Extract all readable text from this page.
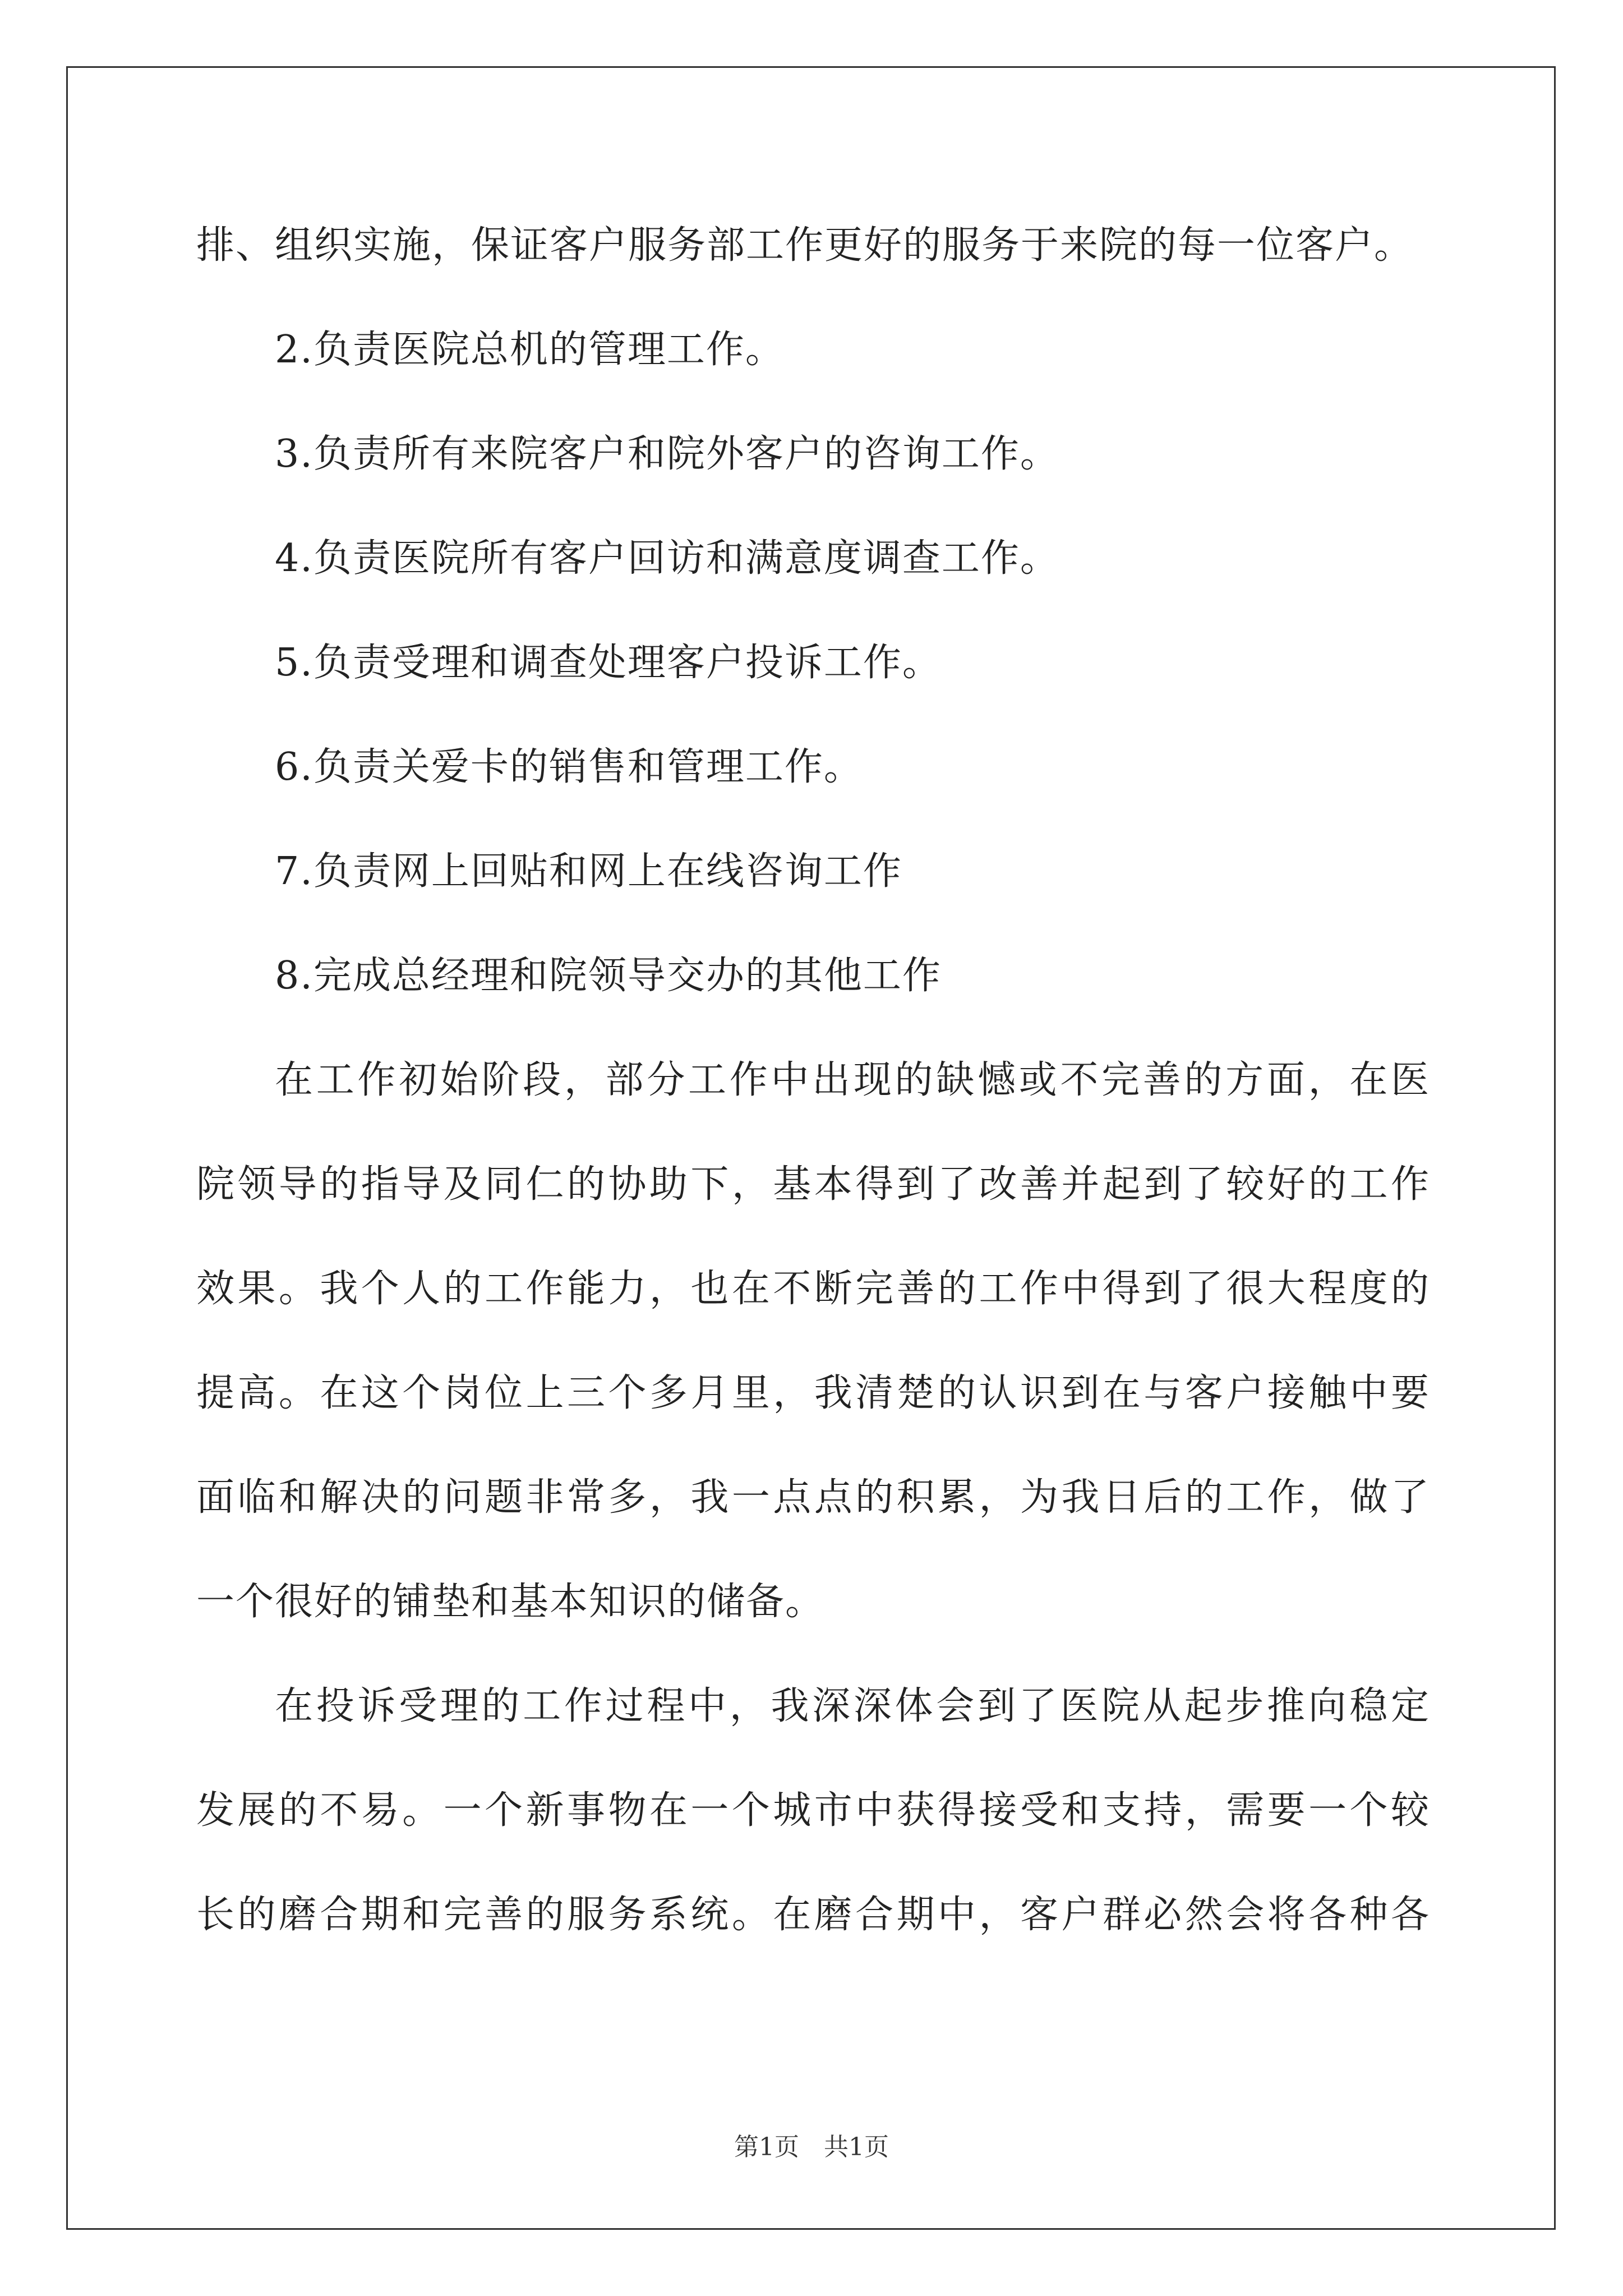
排、组织实施，保证客户服务部工作更好的服务于来院的每一位客户。
2.负责医院总机的管理工作。
3.负责所有来院客户和院外客户的咨询工作。
4.负责医院所有客户回访和满意度调查工作。
5.负责受理和调查处理客户投诉工作。
6.负责关爱卡的销售和管理工作。
7.负责网上回贴和网上在线咨询工作
8.完成总经理和院领导交办的其他工作
在工作初始阶段，部分工作中出现的缺憾或不完善的方面，在医
院领导的指导及同仁的协助下，基本得到了改善并起到了较好的工作
效果。我个人的工作能力，也在不断完善的工作中得到了很大程度的
提高。在这个岗位上三个多月里，我清楚的认识到在与客户接触中要
面临和解决的问题非常多，我一点点的积累，为我日后的工作，做了
一个很好的铺垫和基本知识的储备。
在投诉受理的工作过程中，我深深体会到了医院从起步推向稳定
发展的不易。一个新事物在一个城市中获得接受和支持，需要一个较
长的磨合期和完善的服务系统。在磨合期中，客户群必然会将各种各
第1页　共1页
